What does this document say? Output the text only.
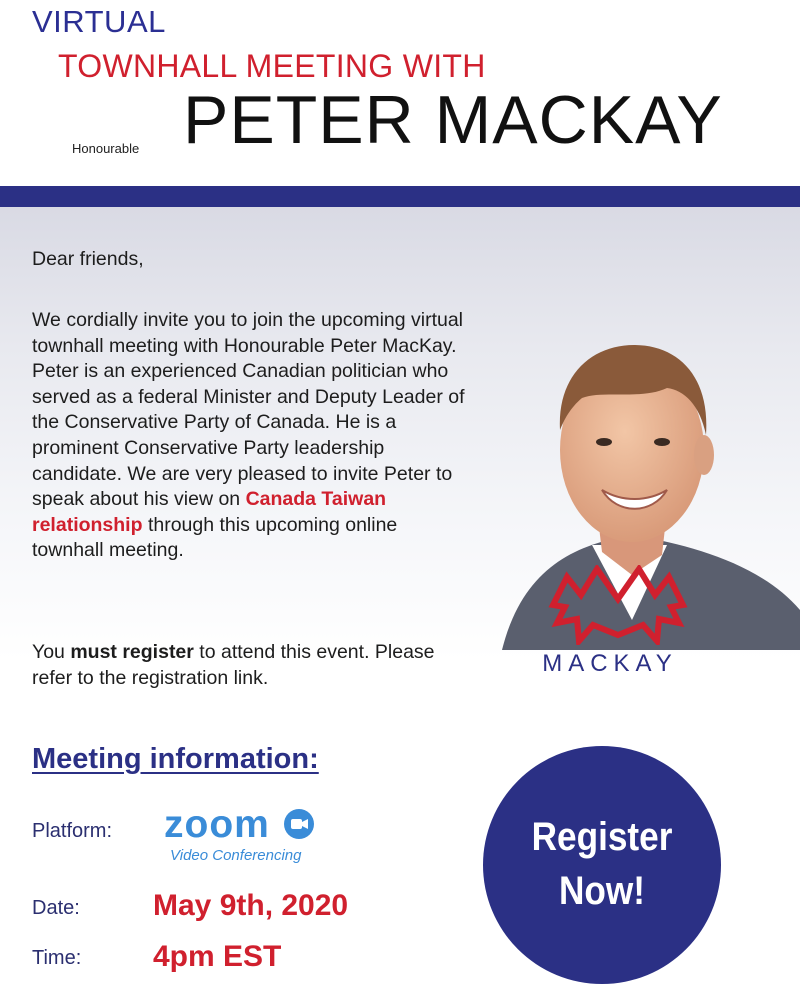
VIRTUAL
TOWNHALL MEETING WITH
Honourable PETER MACKAY
Dear friends,
We cordially invite you to join the upcoming virtual townhall meeting with Honourable Peter MacKay. Peter is an experienced Canadian politician who served as a federal Minister and Deputy Leader of the Conservative Party of Canada. He is a prominent Conservative Party leadership candidate. We are very pleased to invite Peter to speak about his view on Canada Taiwan relationship through this upcoming online townhall meeting.
You must register to attend this event. Please refer to the registration link.
MACKAY
Meeting information:
Platform: zoom
Video Conferencing
Date: May 9th, 2020
Time: 4pm EST
Register
Now!
